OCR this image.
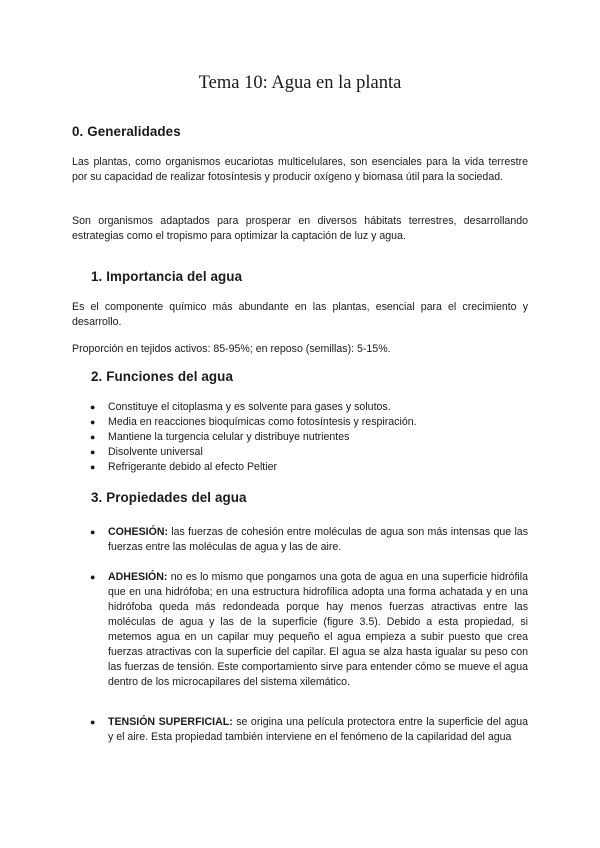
Tema 10: Agua en la planta
0. Generalidades

Las plantas, como organismos eucariotas multicelulares, son esenciales para la vida terrestre por su capacidad de realizar fotosíntesis y producir oxígeno y biomasa útil para la sociedad.

Son organismos adaptados para prosperar en diversos hábitats terrestres, desarrollando estrategias como el tropismo para optimizar la captación de luz y agua.

1. Importancia del agua

Es el componente químico más abundante en las plantas, esencial para el crecimiento y desarrollo.

Proporción en tejidos activos: 85-95%; en reposo (semillas): 5-15%.

2. Funciones del agua
● Constituye el citoplasma y es solvente para gases y solutos.
● Media en reacciones bioquímicas como fotosíntesis y respiración.
● Mantiene la turgencia celular y distribuye nutrientes
● Disolvente universal
● Refrigerante debido al efecto Peltier
3. Propiedades del agua
● COHESIÓN: las fuerzas de cohesión entre moléculas de agua son más intensas que las fuerzas entre las moléculas de agua y las de aire.
● ADHESIÓN: no es lo mismo que pongamos una gota de agua en una superficie hidrófila que en una hidrófoba; en una estructura hidrofílica adopta una forma achatada y en una hidrófoba queda más redondeada porque hay menos fuerzas atractivas entre las moléculas de agua y las de la superficie (figure 3.5). Debido a esta propiedad, si metemos agua en un capilar muy pequeño el agua empieza a subir puesto que crea fuerzas atractivas con la superficie del capilar. El agua se alza hasta igualar su peso con las fuerzas de tensión. Este comportamiento sirve para entender cómo se mueve el agua dentro de los microcapilares del sistema xilemático.
● TENSIÓN SUPERFICIAL: se origina una película protectora entre la superficie del agua y el aire. Esta propiedad también interviene en el fenómeno de la capilaridad del agua
